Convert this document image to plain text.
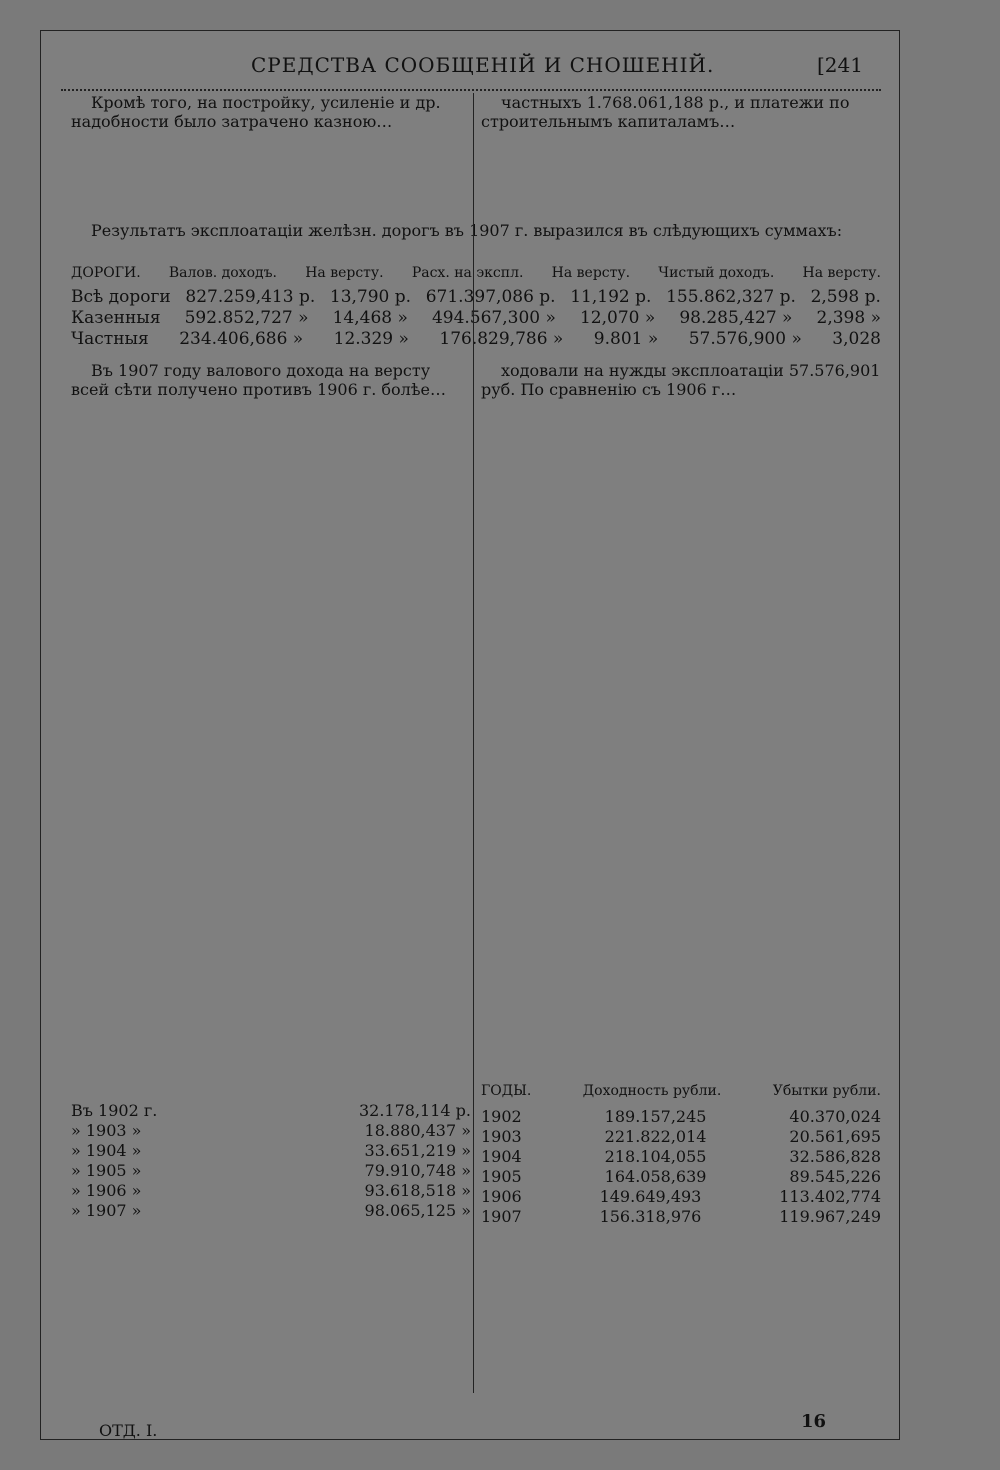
СРЕДСТВА СООБЩЕНІЙ И СНОШЕНІЙ.	[241

Кромѣ того, на постройку, усиленіе и др. надобности было затрачено казною…

частныхъ 1.768.061,188 р., и платежи по строительнымъ капиталамъ…

Результатъ эксплоатаціи желѣзн. дорогъ въ 1907 г. выразился въ слѣдующихъ суммахъ:

ДОРОГИ. Валов. доходъ. На версту. Расх. на экспл. На версту. Чистый доходъ. На версту.
Всѣ дороги 827.259,413 р. 13,790 р. 671.397,086 р. 11,192 р. 155.862,327 р. 2,598 р.
Казенныя 592.852,727 » 14,468 » 494.567,300 » 12,070 » 98.285,427 » 2,398 »
Частныя 234.406,686 » 12.329 » 176.829,786 » 9.801 » 57.576,900 » 3,028

Въ 1907 году валового дохода на версту всей сѣти получено противъ 1906 г. болѣе…

ходовали на нужды эксплоатаціи 57.576,901 руб. По сравненію съ 1906 г…

Въ 1902 г.	32.178,114 р.
» 1903 »	18.880,437 »
» 1904 »	33.651,219 »
» 1905 »	79.910,748 »
» 1906 »	93.618,518 »
» 1907 »	98.065,125 »
ГОДЫ.	Доходность рубли.	Убытки рубли.
1902	189.157,245	40.370,024
1903	221.822,014	20.561,695
1904	218.104,055	32.586,828
1905	164.058,639	89.545,226
1906	149.649,493	113.402,774
1907	156.318,976	119.967,249
ОТД. I.	16
